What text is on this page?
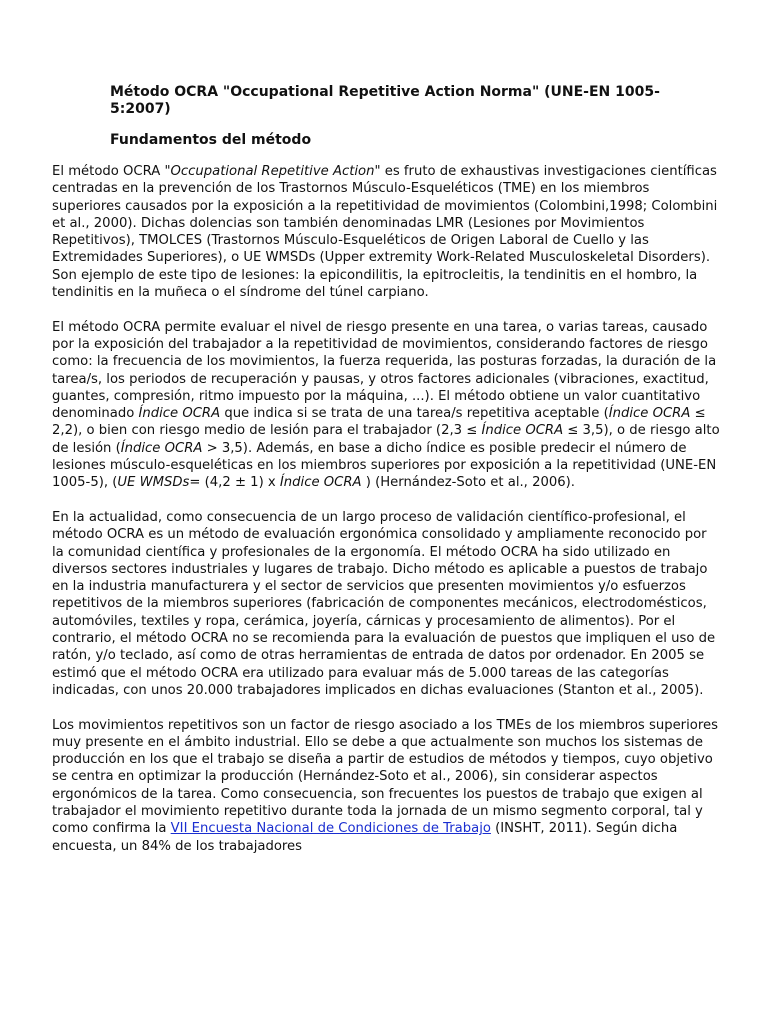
Método OCRA "Occupational Repetitive Action Norma" (UNE-EN 1005-5:2007)
Fundamentos del método

El método OCRA "Occupational Repetitive Action" es fruto de exhaustivas investigaciones científicas centradas en la prevención de los Trastornos Músculo-Esqueléticos (TME) en los miembros superiores causados por la exposición a la repetitividad de movimientos (Colombini,1998; Colombini et al., 2000). Dichas dolencias son también denominadas LMR (Lesiones por Movimientos Repetitivos), TMOLCES (Trastornos Músculo-Esqueléticos de Origen Laboral de Cuello y las Extremidades Superiores), o UE WMSDs (Upper extremity Work-Related Musculoskeletal Disorders). Son ejemplo de este tipo de lesiones: la epicondilitis, la epitrocleitis, la tendinitis en el hombro, la tendinitis en la muñeca o el síndrome del túnel carpiano.

El método OCRA permite evaluar el nivel de riesgo presente en una tarea, o varias tareas, causado por la exposición del trabajador a la repetitividad de movimientos, considerando factores de riesgo como: la frecuencia de los movimientos, la fuerza requerida, las posturas forzadas, la duración de la tarea/s, los periodos de recuperación y pausas, y otros factores adicionales (vibraciones, exactitud, guantes, compresión, ritmo impuesto por la máquina, ...). El método obtiene un valor cuantitativo denominado Índice OCRA que indica si se trata de una tarea/s repetitiva aceptable (Índice OCRA ≤ 2,2), o bien con riesgo medio de lesión para el trabajador (2,3 ≤ Índice OCRA ≤ 3,5), o de riesgo alto de lesión (Índice OCRA > 3,5). Además, en base a dicho índice es posible predecir el número de lesiones músculo-esqueléticas en los miembros superiores por exposición a la repetitividad (UNE-EN 1005-5), (UE WMSDs= (4,2 ± 1) x Índice OCRA ) (Hernández-Soto et al., 2006).

En la actualidad, como consecuencia de un largo proceso de validación científico-profesional, el método OCRA es un método de evaluación ergonómica consolidado y ampliamente reconocido por la comunidad científica y profesionales de la ergonomía. El método OCRA ha sido utilizado en diversos sectores industriales y lugares de trabajo. Dicho método es aplicable a puestos de trabajo en la industria manufacturera y el sector de servicios que presenten movimientos y/o esfuerzos repetitivos de la miembros superiores (fabricación de componentes mecánicos, electrodomésticos, automóviles, textiles y ropa, cerámica, joyería, cárnicas y procesamiento de alimentos). Por el contrario, el método OCRA no se recomienda para la evaluación de puestos que impliquen el uso de ratón, y/o teclado, así como de otras herramientas de entrada de datos por ordenador. En 2005 se estimó que el método OCRA era utilizado para evaluar más de 5.000 tareas de las categorías indicadas, con unos 20.000 trabajadores implicados en dichas evaluaciones (Stanton et al., 2005).

Los movimientos repetitivos son un factor de riesgo asociado a los TMEs de los miembros superiores muy presente en el ámbito industrial. Ello se debe a que actualmente son muchos los sistemas de producción en los que el trabajo se diseña a partir de estudios de métodos y tiempos, cuyo objetivo se centra en optimizar la producción (Hernández-Soto et al., 2006), sin considerar aspectos ergonómicos de la tarea. Como consecuencia, son frecuentes los puestos de trabajo que exigen al trabajador el movimiento repetitivo durante toda la jornada de un mismo segmento corporal, tal y como confirma la VII Encuesta Nacional de Condiciones de Trabajo (INSHT, 2011). Según dicha encuesta, un 84% de los trabajadores
